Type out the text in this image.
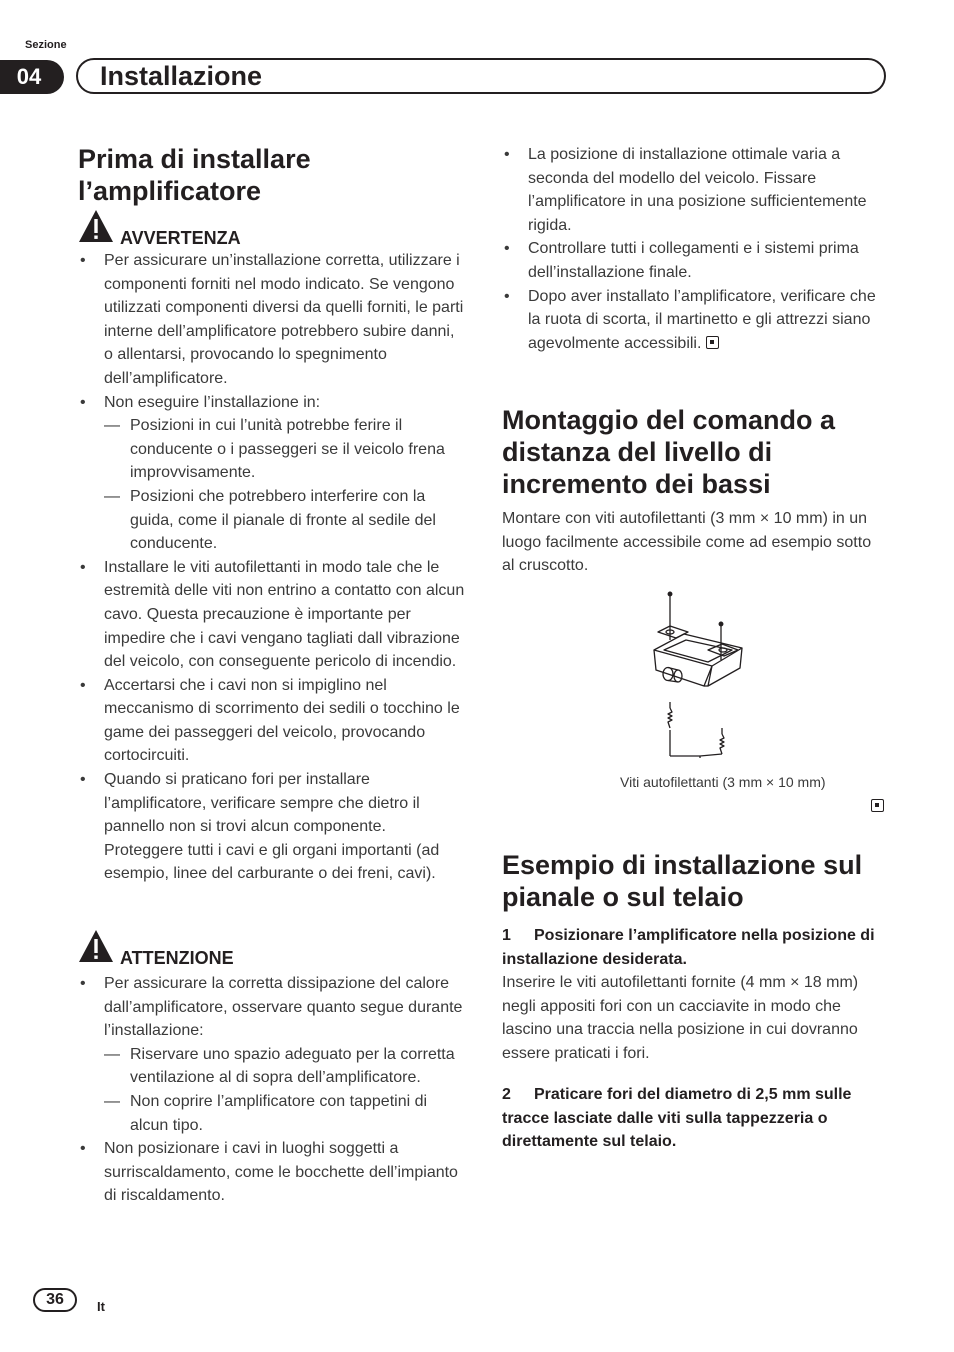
Sezione
04	Installazione
Prima di installare
l’amplificatore
AVVERTENZA
• Per assicurare un’installazione corretta, utilizzare i componenti forniti nel modo indicato. Se vengono utilizzati componenti diversi da quelli forniti, le parti interne dell’amplificatore potrebbero subire danni, o allentarsi, provocando lo spegnimento dell’amplificatore.
• Non eseguire l’installazione in:
— Posizioni in cui l’unità potrebbe ferire il conducente o i passeggeri se il veicolo frena improvvisamente.
— Posizioni che potrebbero interferire con la guida, come il pianale di fronte al sedile del conducente.
• Installare le viti autofilettanti in modo tale che le estremità delle viti non entrino a contatto con alcun cavo. Questa precauzione è importante per impedire che i cavi vengano tagliati dall vibrazione del veicolo, con conseguente pericolo di incendio.
• Accertarsi che i cavi non si impiglino nel meccanismo di scorrimento dei sedili o tocchino le game dei passeggeri del veicolo, provocando cortocircuiti.
• Quando si praticano fori per installare l’amplificatore, verificare sempre che dietro il pannello non si trovi alcun componente. Proteggere tutti i cavi e gli organi importanti (ad esempio, linee del carburante o dei freni, cavi).
ATTENZIONE
• Per assicurare la corretta dissipazione del calore dall’amplificatore, osservare quanto segue durante l’installazione:
— Riservare uno spazio adeguato per la corretta ventilazione al di sopra dell’amplificatore.
— Non coprire l’amplificatore con tappetini di alcun tipo.
• Non posizionare i cavi in luoghi soggetti a surriscaldamento, come le bocchette dell’impianto di riscaldamento.
• La posizione di installazione ottimale varia a seconda del modello del veicolo. Fissare l’amplificatore in una posizione sufficientemente rigida.
• Controllare tutti i collegamenti e i sistemi prima dell’installazione finale.
• Dopo aver installato l’amplificatore, verificare che la ruota di scorta, il martinetto e gli attrezzi siano agevolmente accessibili.
Montaggio del comando a
distanza del livello di
incremento dei bassi
Montare con viti autofilettanti (3 mm × 10 mm) in un luogo facilmente accessibile come ad esempio sotto al cruscotto.
Viti autofilettanti (3 mm × 10 mm)
Esempio di installazione sul
pianale o sul telaio
1 Posizionare l’amplificatore nella posizione di installazione desiderata.
Inserire le viti autofilettanti fornite (4 mm × 18 mm) negli appositi fori con un cacciavite in modo che lascino una traccia nella posizione in cui dovranno essere praticati i fori.
2 Praticare fori del diametro di 2,5 mm sulle tracce lasciate dalle viti sulla tappezzeria o direttamente sul telaio.
36	It
